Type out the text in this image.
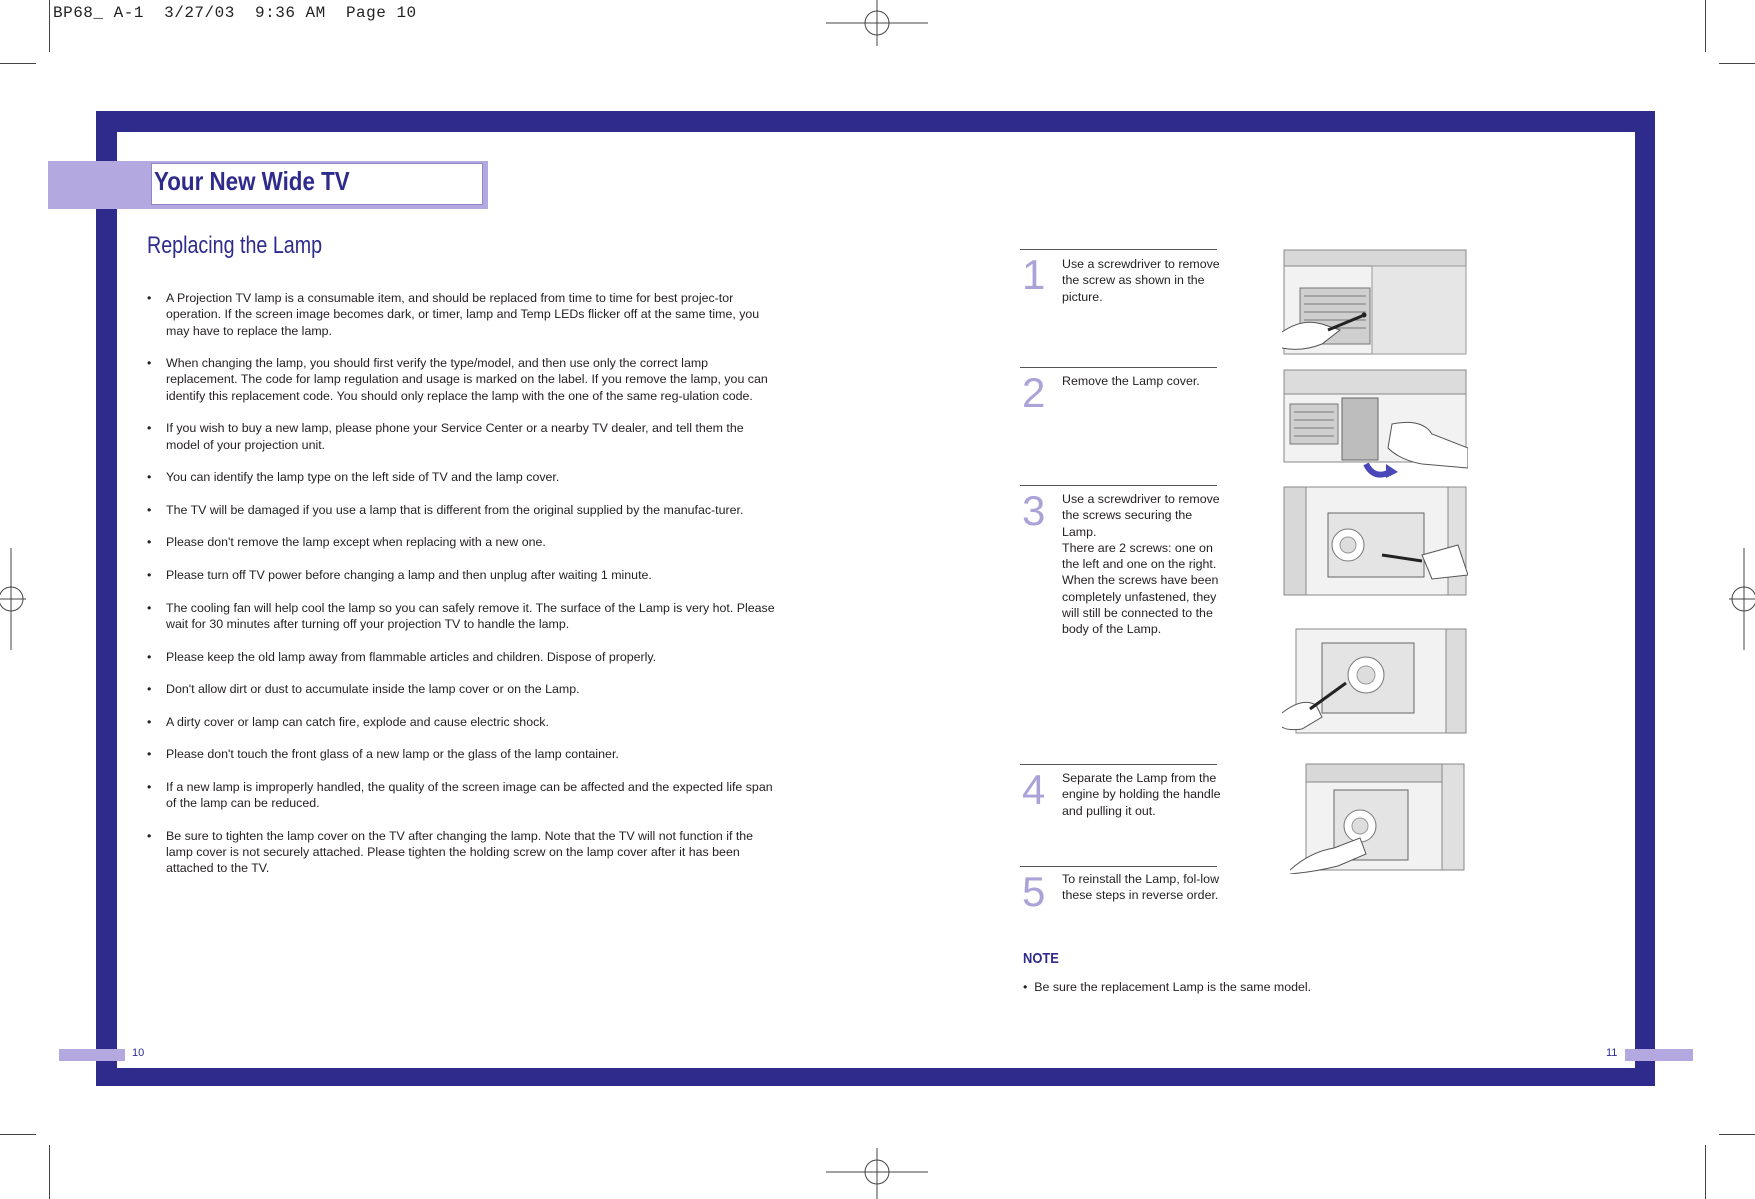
BP68_ A-1  3/27/03  9:36 AM  Page 10
Your New Wide TV
Replacing the Lamp
• A Projection TV lamp is a consumable item, and should be replaced from time to time for best projec-tor operation. If the screen image becomes dark, or timer, lamp and Temp LEDs flicker off at the same time, you may have to replace the lamp.
• When changing the lamp, you should first verify the type/model, and then use only the correct lamp replacement. The code for lamp regulation and usage is marked on the label. If you remove the lamp, you can identify this replacement code. You should only replace the lamp with the one of the same reg-ulation code.
• If you wish to buy a new lamp, please phone your Service Center or a nearby TV dealer, and tell them the model of your projection unit.
• You can identify the lamp type on the left side of TV and the lamp cover.
• The TV will be damaged if you use a lamp that is different from the original supplied by the manufac-turer.
• Please don't remove the lamp except when replacing with a new one.
• Please turn off TV power before changing a lamp and then unplug after waiting 1 minute.
• The cooling fan will help cool the lamp so you can safely remove it. The surface of the Lamp is very hot. Please wait for 30 minutes after turning off your projection TV to handle the lamp.
• Please keep the old lamp away from flammable articles and children. Dispose of properly.
• Don't allow dirt or dust to accumulate inside the lamp cover or on the Lamp.
• A dirty cover or lamp can catch fire, explode and cause electric shock.
• Please don't touch the front glass of a new lamp or the glass of the lamp container.
• If a new lamp is improperly handled, the quality of the screen image can be affected and the expected life span of the lamp can be reduced.
• Be sure to tighten the lamp cover on the TV after changing the lamp. Note that the TV will not function if the lamp cover is not securely attached. Please tighten the holding screw on the lamp cover after it has been attached to the TV.
1 Use a screwdriver to remove the screw as shown in the picture.
2 Remove the Lamp cover.
3 Use a screwdriver to remove the screws securing the Lamp.
There are 2 screws: one on the left and one on the right. When the screws have been completely unfastened, they will still be connected to the body of the Lamp.
4 Separate the Lamp from the engine by holding the handle and pulling it out.
5 To reinstall the Lamp, fol-low these steps in reverse order.
NOTE
•  Be sure the replacement Lamp is the same model.
10	11
